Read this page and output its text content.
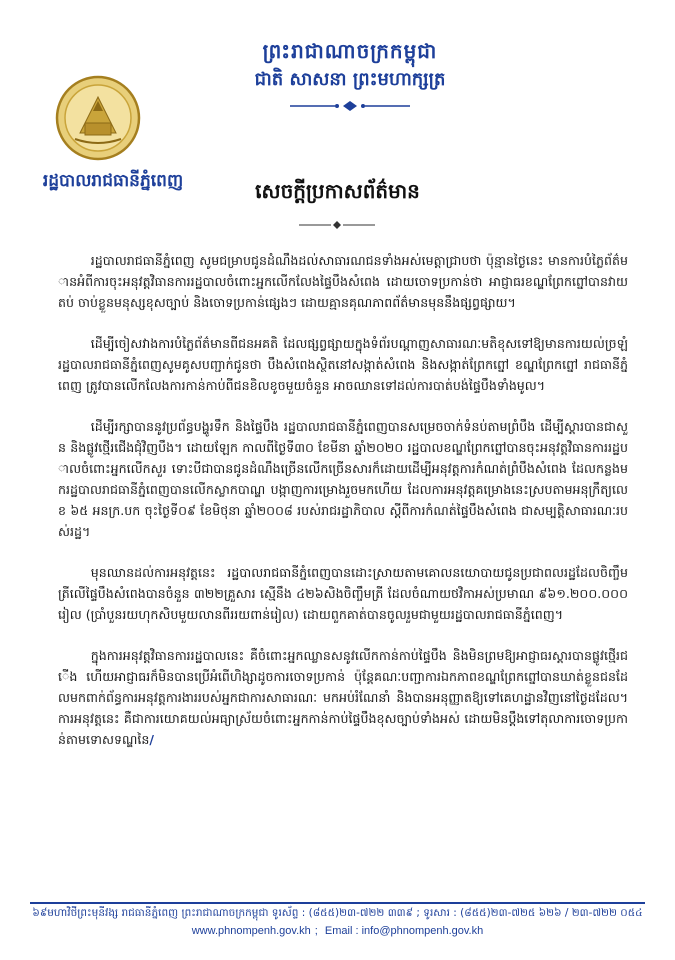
ព្រះរាជាណាចក្រកម្ពុជា
ជាតិ សាសនា ព្រះមហាក្សត្រ
រដ្ឋបាលរាជធានីភ្នំពេញ	សេចក្តីប្រកាសព័ត៌មាន

រដ្ឋបាលរាជធានីភ្នំពេញ សូមជម្រាបជូនដំណឹងដល់សាធារណជនទាំងអស់មេត្តាជ្រាបថា ប៉ុន្មានថ្ងៃនេះ មានការបំភ្លៃព័ត៌មានអំពីការចុះអនុវត្តវិធានការរដ្ឋបាលចំពោះអ្នកលើកលែងផ្ទៃបឹងសំពេង ដោយចោទប្រកាន់ថា អាជ្ញាធរខណ្ឌព្រែកព្នៅបានវាយតប់ ចាប់ខ្លួនមនុស្សខុសច្បាប់ និងចោទប្រកាន់ផ្សេងៗ ដោយគ្មានគុណភាពព័ត៌មានមុននឹងផ្សព្វផ្សាយ។

ដើម្បីចៀសវាងការបំភ្លៃព័ត៌មានពីជនអគតិ ដែលផ្សព្វផ្សាយក្នុងទំព័របណ្តាញសាធារណៈមតិខុសទៅឱ្យមានការយល់ច្រឡំ រដ្ឋបាលរាជធានីភ្នំពេញសូមគូសបញ្ជាក់ជូនថា បឹងសំពេងស្ថិតនៅសង្កាត់សំពេង និងសង្កាត់ព្រែកព្នៅ ខណ្ឌព្រែកព្នៅ រាជធានីភ្នំពេញ ត្រូវបានលើកលែងការកាន់កាប់ពីជនខិលខូចមួយចំនួន អាចឈានទៅដល់ការបាត់បង់ផ្ទៃបឹងទាំងមូល។

ដើម្បីរក្សាបាននូវប្រព័ន្ធបង្ហូរទឹក និងផ្ទៃបឹង រដ្ឋបាលរាជធានីភ្នំពេញបានសម្រេចចាក់ទំនប់តាមព្រំបឹង ដើម្បីស្តារបានជាសួន និងផ្លូវថ្មើរជើងជុំវិញបឹង។ ដោយឡែក កាលពីថ្ងៃទី៣០ ខែមីនា ឆ្នាំ២០២០ រដ្ឋបាលខណ្ឌព្រែកព្នៅបានចុះអនុវត្តវិធានការរដ្ឋបាលចំពោះអ្នកលើកសួរ ទោះបីជាបានជូនដំណឹងច្រើនលើកច្រើនសារក៏ដោយដើម្បីអនុវត្តការកំណត់ព្រំបឹងសំពេង ដែលកន្លងមករដ្ឋបាលរាជធានីភ្នំពេញបានលើកស្លាកបាណ្ឌ បង្កាញការម្រោងរួចមកហើយ ដែលការអនុវត្តគម្រោងនេះស្របតាមអនុក្រឹត្យលេខ ៦៥ អនក្រ.បក ចុះថ្ងៃទី០៩ ខែមិថុនា ឆ្នាំ២០០៨ របស់រាជរដ្ឋាភិបាល ស្តីពីការកំណត់ផ្ទៃបឹងសំពេង ជាសម្បត្តិសាធារណៈរបស់រដ្ឋ។

មុនឈានដល់ការអនុវត្តនេះ រដ្ឋបាលរាជធានីភ្នំពេញបានដោះស្រាយតាមគោលនយោបាយជូនប្រជាពលរដ្ឋដែលចិញ្ចឹមត្រីលើផ្ទៃបឹងសំពេងបានចំនួន ៣២២គ្រួសារ ស្មើនឹង ៤២៦សិងចិញ្ចឹមត្រី ដែលចំណាយថវិកាអស់ប្រមាណ ៩៦១.២០០.០០០រៀល (ប្រាំបួនរយហុកសិបមួយលានពីររយពាន់រៀល) ដោយពួកគាត់បានចូលរួមជាមួយរដ្ឋបាលរាជធានីភ្នំពេញ។

ក្នុងការអនុវត្តវិធានការរដ្ឋបាលនេះ គឺចំពោះអ្នកឈ្លានសនូវលើកកាន់កាប់ផ្ទៃបឹង និងមិនព្រមឱ្យអាជ្ញាធរស្តារបានផ្លូវថ្មើរជើង ហើយអាជ្ញាធរក៏មិនបានប្រើអំពើហិង្សាដូចការចោទប្រកាន់ ប៉ុន្តែគណៈបញ្ជាការឯកភាពខណ្ឌព្រែកព្នៅបានឃាត់ខ្លួនជនដែលមកពាក់ព័ន្ធការអនុវត្តការងាររបស់អ្នកជាការសាធារណៈ មកអប់រំណែនាំ និងបានអនុញ្ញាតឱ្យទៅគេហដ្ឋានវិញនៅថ្ងៃដដែល។ ការអនុវត្តនេះ គឺជាការយោគយល់អធ្យាស្រ័យចំពោះអ្នកកាន់កាប់ផ្ទៃបឹងខុសច្បាប់ទាំងអស់ ដោយមិនប្តឹងទៅតុលាការចោទប្រកាន់តាមទោសទណ្ឌនៃ/

៦៩មហាវិថីព្រះមុនីវង្ស រាជធានីភ្នំពេញ ព្រះរាជាណាចក្រកម្ពុជា ទូរស័ព្ទ : (៨៥៥)២៣-៧២២ ៣៣៩ ; ទូរសារ : (៨៥៥)២៣-៧២៥ ៦២៦ / ២៣-៧២២ ០៥៤
www.phnompenh.gov.kh ; Email : info@phnompenh.gov.kh
